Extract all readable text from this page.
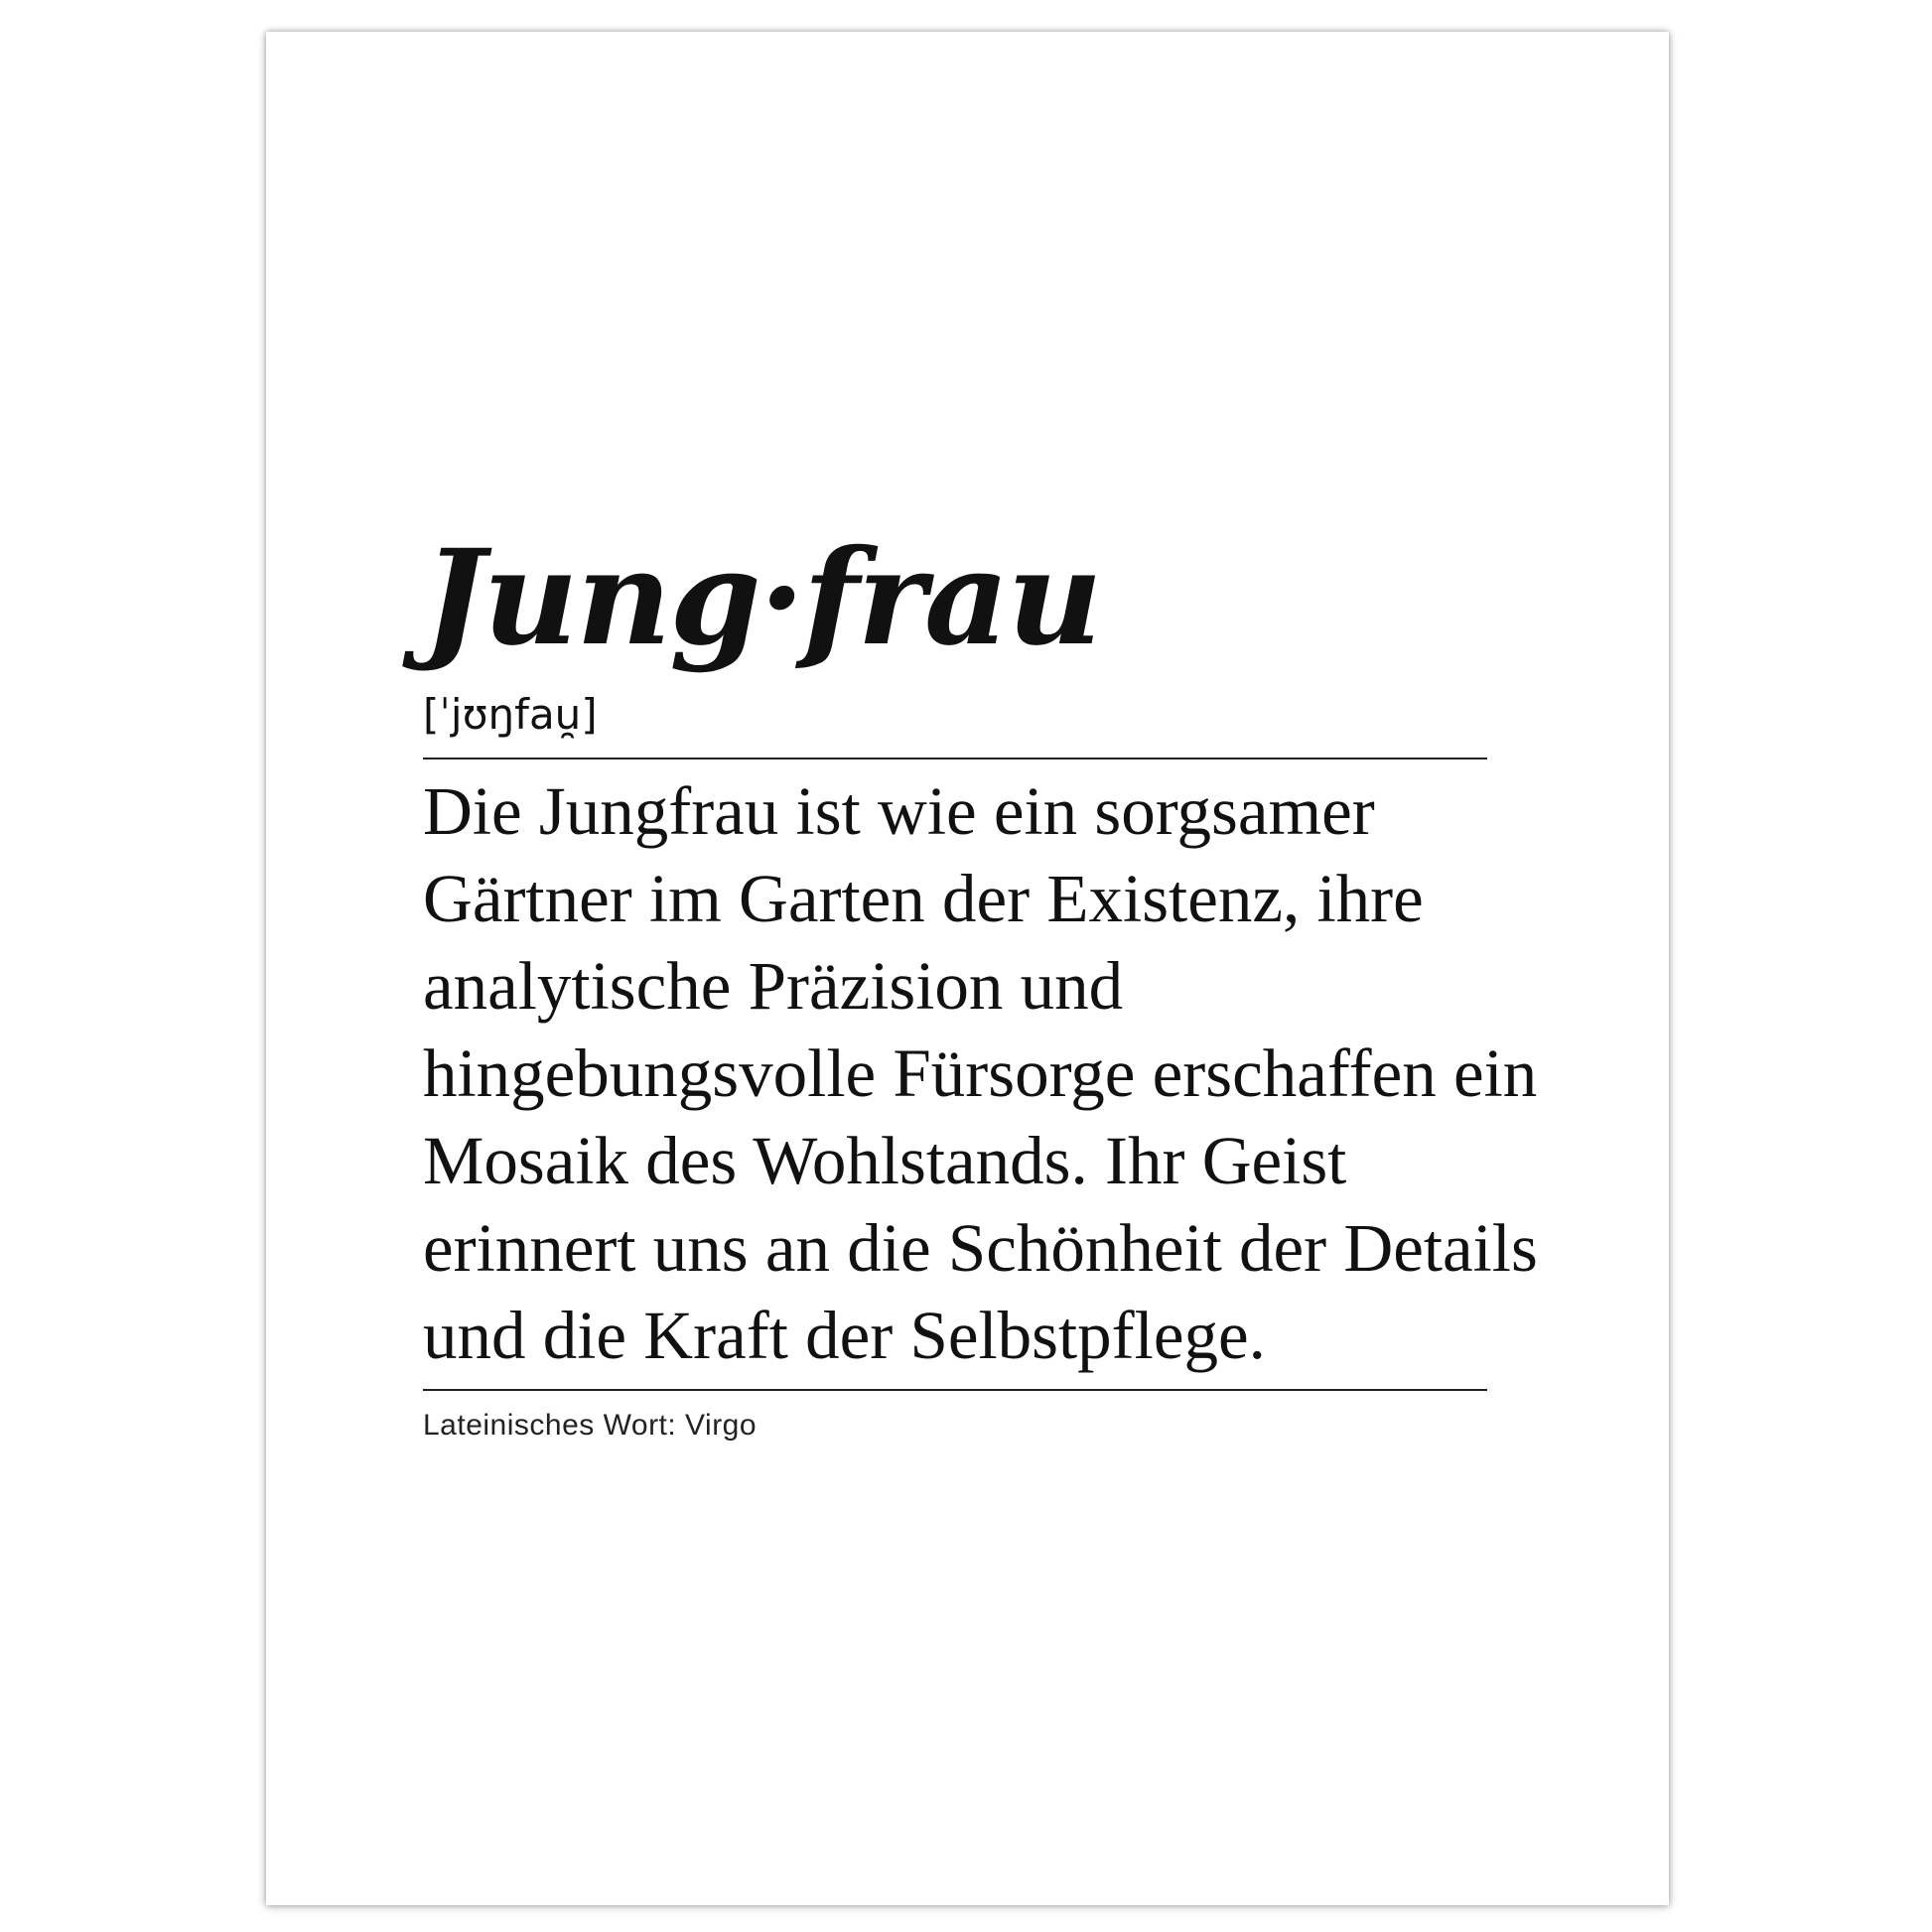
Jung·frau
[ˈjʊŋfau̯]
Die Jungfrau ist wie ein sorgsamer Gärtner im Garten der Existenz, ihre analytische Präzision und hingebungsvolle Fürsorge erschaffen ein Mosaik des Wohlstands. Ihr Geist erinnert uns an die Schönheit der Details und die Kraft der Selbstpflege.
Lateinisches Wort: Virgo
